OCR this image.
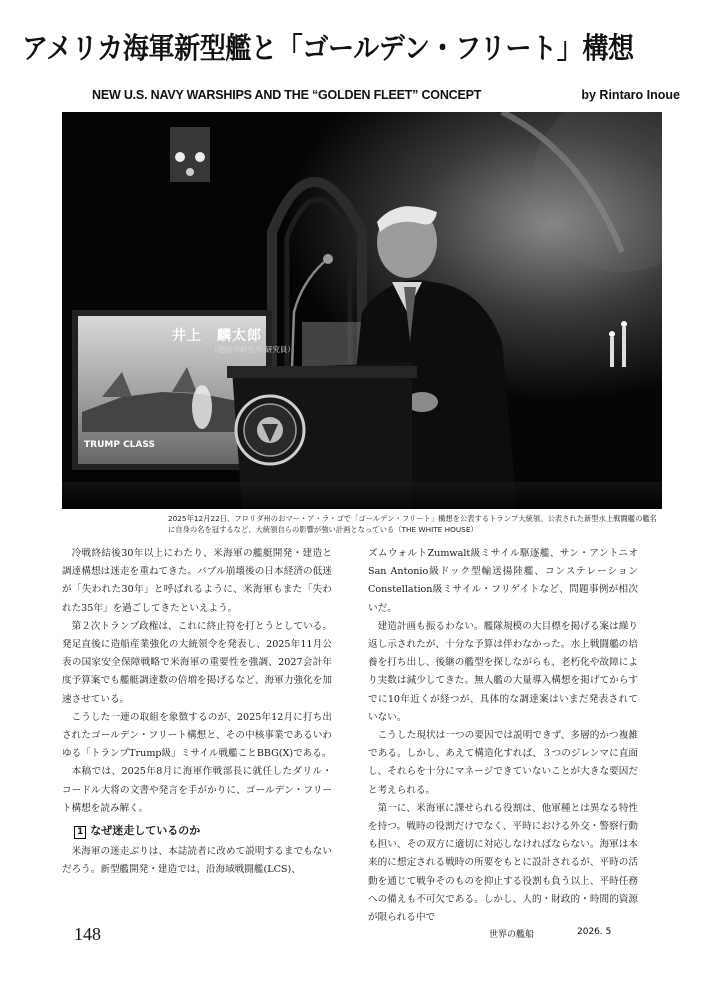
アメリカ海軍新型艦と「ゴールデン・フリート」構想
NEW U.S. NAVY WARSHIPS AND THE “GOLDEN FLEET” CONCEPT	by Rintaro Inoue
TRUMP CLASS
井上　麟太郎
（地経学研究所 研究員）
2025年12月22日、フロリダ州のおマー・ア・ラ・ゴで「ゴールデン・フリート」構想を公表するトランプ大統領。公表された新型水上戦闘艦の艦名に自身の名を冠するなど、大統領自らの影響が強い計画となっている（THE WHITE HOUSE）

冷戦終結後30年以上にわたり、米海軍の艦艇開発・建造と調達構想は迷走を重ねてきた。バブル崩壊後の日本経済の低迷が「失われた30年」と呼ばれるように、米海軍もまた「失われた35年」を過ごしてきたといえよう。

第２次トランプ政権は、これに終止符を打とうとしている。発足直後に造船産業強化の大統領令を発表し、2025年11月公表の国家安全保障戦略で米海軍の重要性を強調、2027会計年度予算案でも艦艇調達数の倍増を掲げるなど、海軍力強化を加速させている。

こうした一連の取組を象徴するのが、2025年12月に打ち出されたゴールデン・フリート構想と、その中核事業であるいわゆる「トランプTrump級」ミサイル戦艦ことBBG(X)である。

本稿では、2025年8月に海軍作戦部長に就任したダリル・コードル大将の文書や発言を手がかりに、ゴールデン・フリート構想を読み解く。

1 なぜ迷走しているのか

米海軍の迷走ぶりは、本誌読者に改めて説明するまでもないだろう。新型艦開発・建造では、沿海域戦闘艦(LCS)、

ズムウォルトZumwalt級ミサイル駆逐艦、サン・アントニオSan Antonio級ドック型輸送揚陸艦、コンステレーションConstellation級ミサイル・フリゲイトなど、問題事例が相次いだ。

建造計画も振るわない。艦隊規模の大目標を掲げる案は繰り返し示されたが、十分な予算は伴わなかった。水上戦闘艦の培養を打ち出し、後継の艦型を探しながらも、老朽化や故障により実数は減少してきた。無人艦の大量導入構想を掲げてからすでに10年近くが経つが、具体的な調達案はいまだ発表されていない。

こうした現状は一つの要因では説明できず、多層的かつ複雑である。しかし、あえて構造化すれば、３つのジレンマに直面し、それらを十分にマネージできていないことが大きな要因だと考えられる。

第一に、米海軍に課せられる役割は、他軍種とは異なる特性を持つ。戦時の役割だけでなく、平時における外交・警察行動も担い、その双方に適切に対応しなければならない。海軍は本来的に想定される戦時の所要をもとに設計されるが、平時の活動を通じて戦争そのものを抑止する役割も負う以上、平時任務への備えも不可欠である。しかし、人的・財政的・時間的資源が限られる中で

148	世界の艦船	2026. 5
